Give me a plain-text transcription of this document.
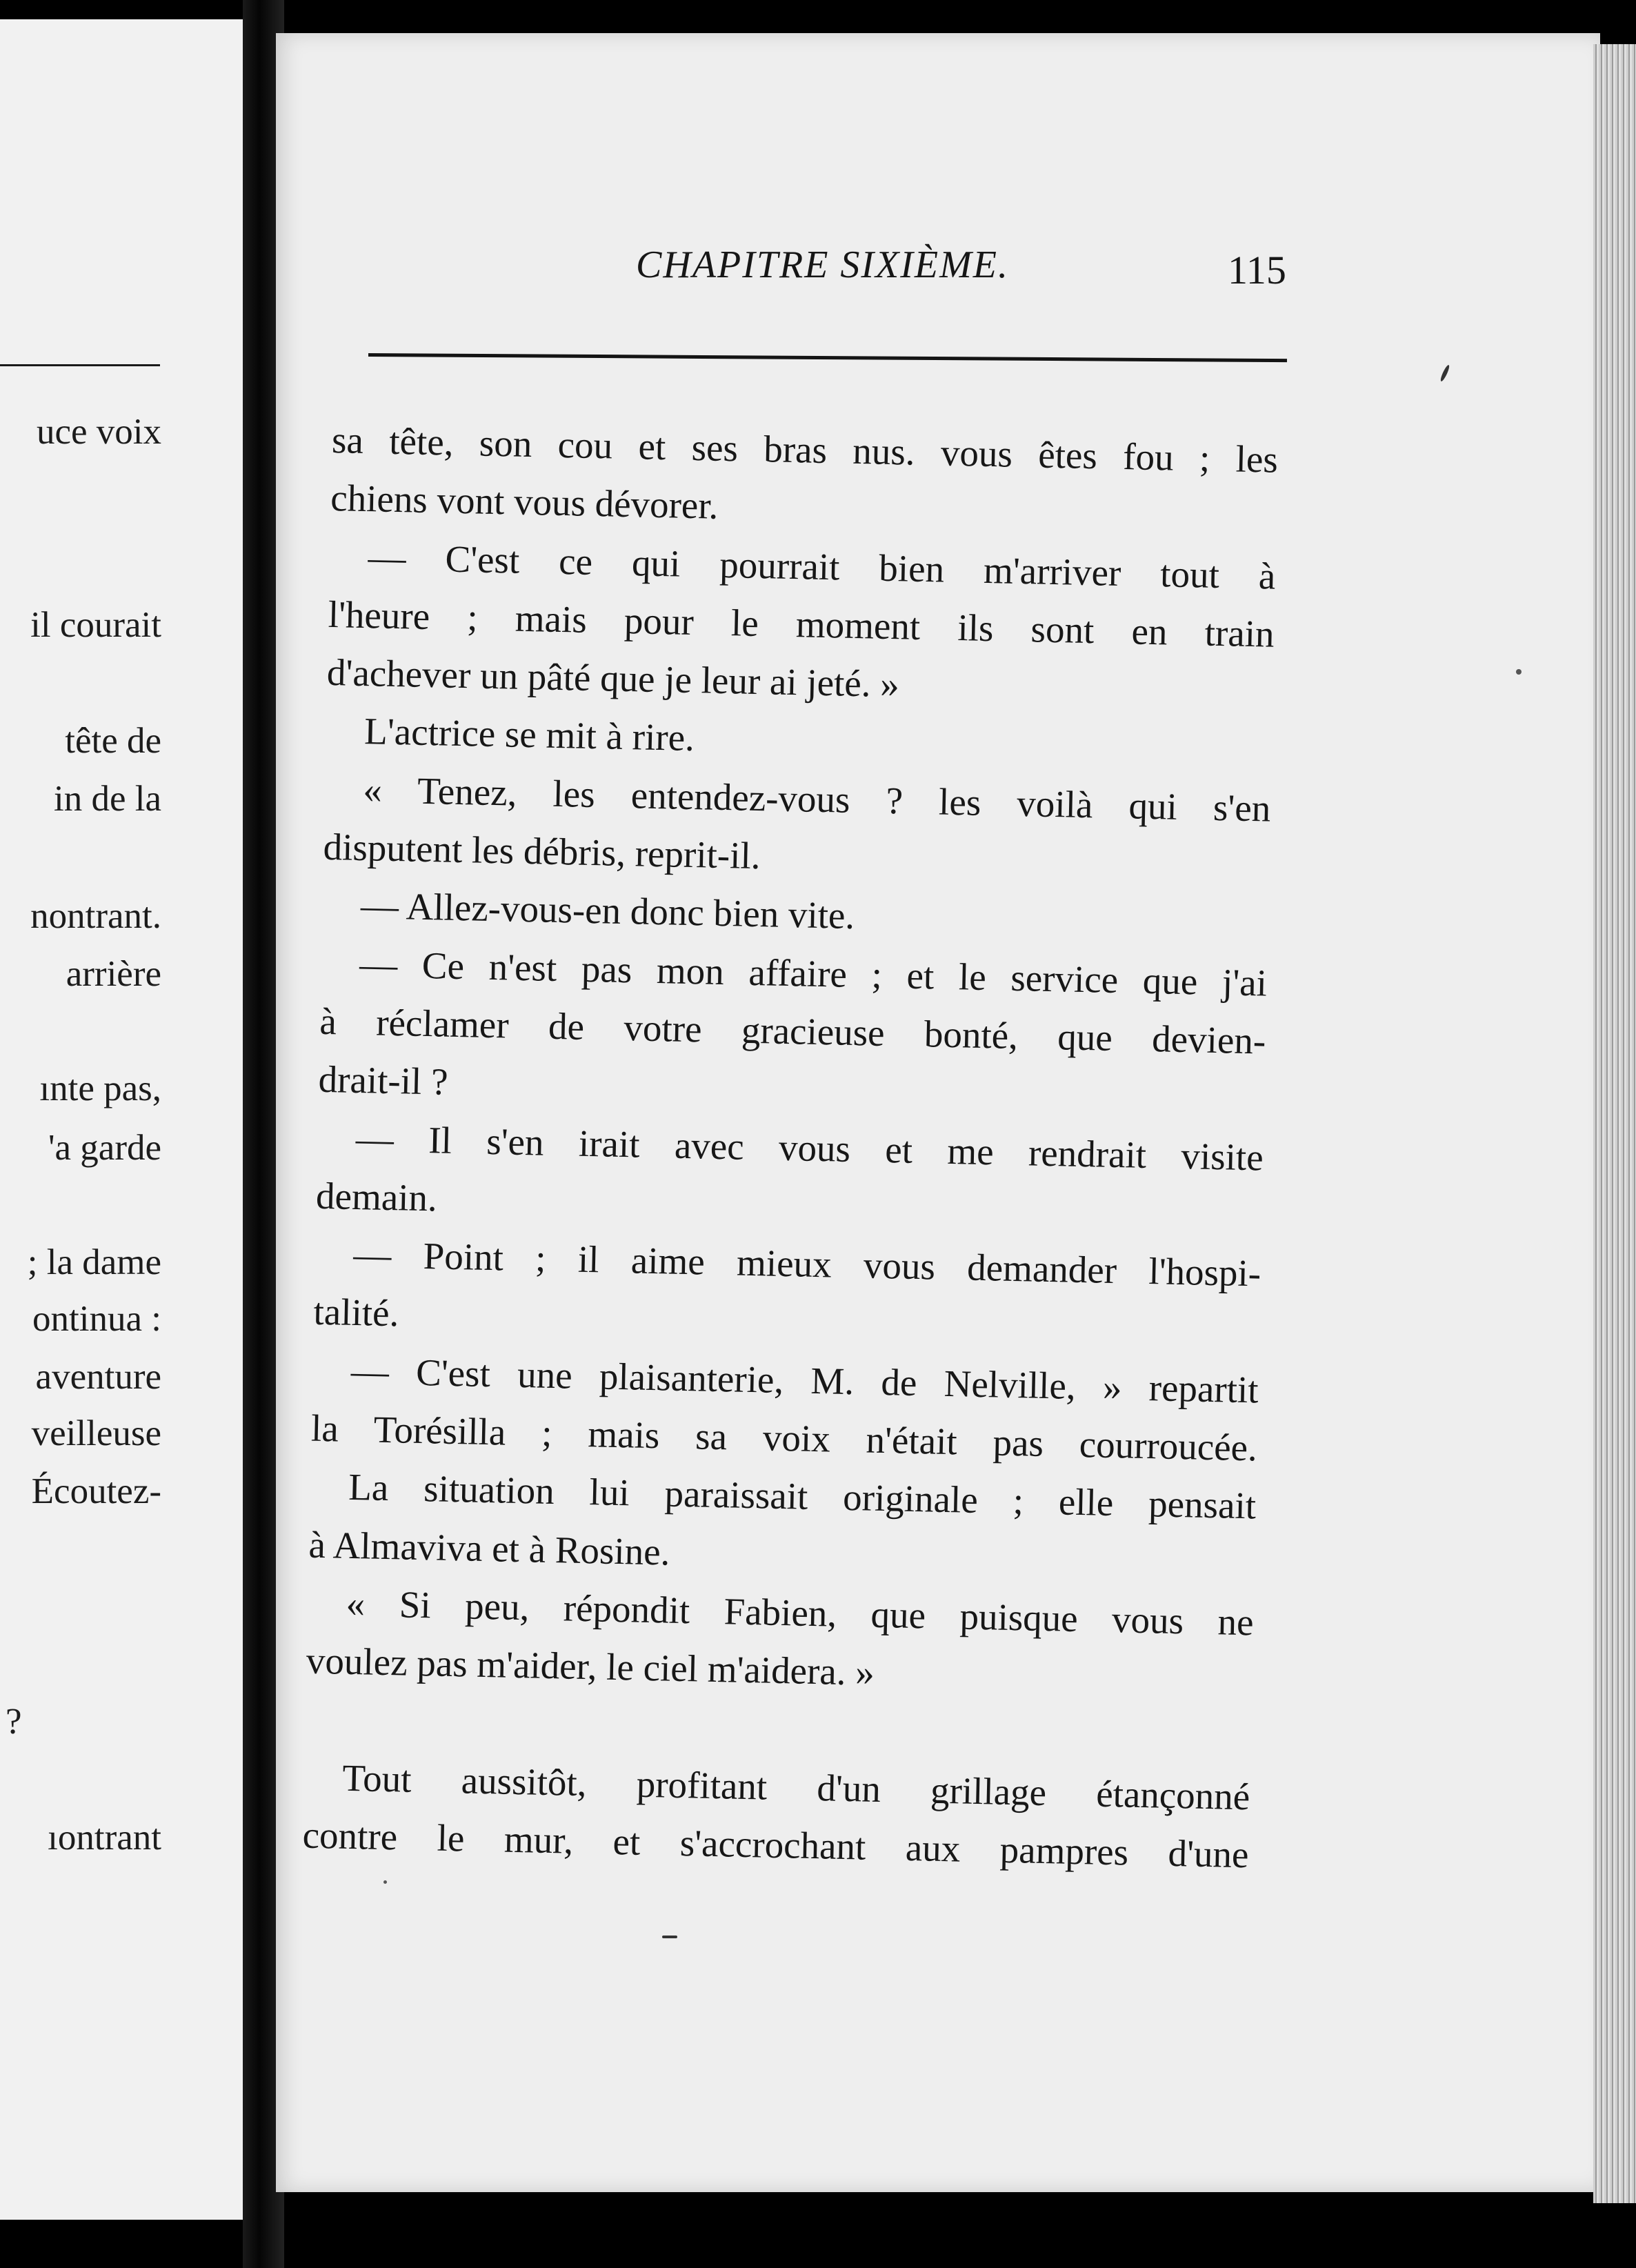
uce voix
il courait
tête de
in de la
nontrant.
arrière
ınte pas,
'a garde
; la dame
ontinua :
aventure
veilleuse
Écoutez-
?
ıontrant
CHAPITRE SIXIÈME.	115
sa tête, son cou et ses bras nus. vous êtes fou ; les
chiens vont vous dévorer.
— C'est ce qui pourrait bien m'arriver tout à
l'heure ; mais pour le moment ils sont en train
d'achever un pâté que je leur ai jeté. »
L'actrice se mit à rire.
« Tenez, les entendez-vous ? les voilà qui s'en
disputent les débris, reprit-il.
— Allez-vous-en donc bien vite.
— Ce n'est pas mon affaire ; et le service que j'ai
à réclamer de votre gracieuse bonté, que devien-
drait-il ?
— Il s'en irait avec vous et me rendrait visite
demain.
— Point ; il aime mieux vous demander l'hospi-
talité.
— C'est une plaisanterie, M. de Nelville, » repartit
la Torésilla ; mais sa voix n'était pas courroucée.
La situation lui paraissait originale ; elle pensait
à Almaviva et à Rosine.
« Si peu, répondit Fabien, que puisque vous ne
voulez pas m'aider, le ciel m'aidera. »
Tout aussitôt, profitant d'un grillage étançonné
contre le mur, et s'accrochant aux pampres d'une
